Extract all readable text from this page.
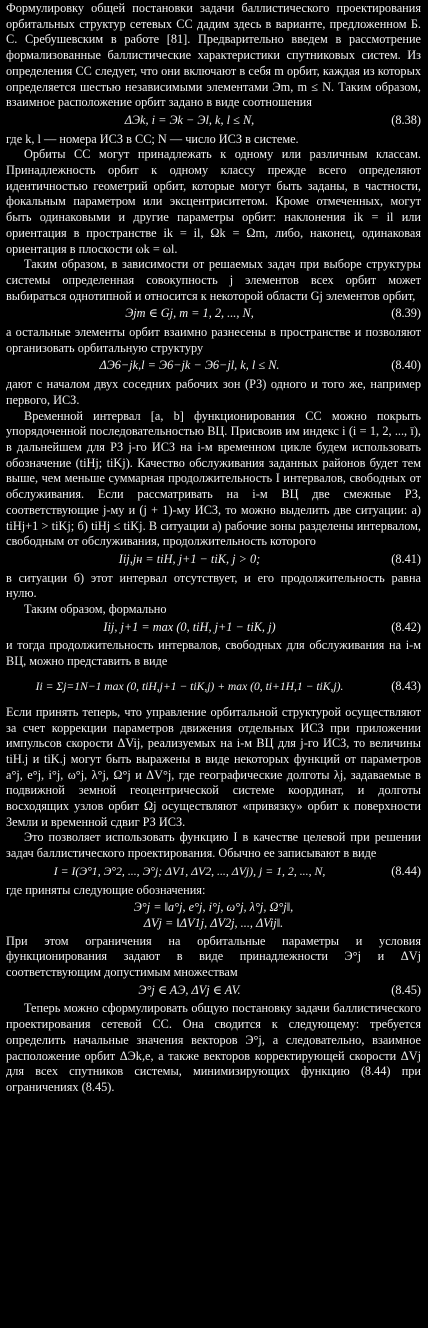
Формулировку общей постановки задачи баллистического проектирования орбитальных структур сетевых СС дадим здесь в варианте, предложенном Б. С. Сребушевским в работе [81]. Предварительно введем в рассмотрение формализованные баллистические характеристики спутниковых систем. Из определения СС следует, что они включают в себя m орбит, каждая из которых определяется шестью независимыми элементами Эm, m ≤ N. Таким образом, взаимное расположение орбит задано в виде соотношения

ΔЭk, i = Эk − Эl, k, l ≤ N,	(8.38)

где k, l — номера ИСЗ в СС; N — число ИСЗ в системе.

Орбиты СС могут принадлежать к одному или различным классам. Принадлежность орбит к одному классу прежде всего определяют идентичностью геометрий орбит, которые могут быть заданы, в частности, фокальным параметром или эксцентриситетом. Кроме отмеченных, могут быть одинаковыми и другие параметры орбит: наклонения ik = il или ориентация в пространстве ik = il, Ωk = Ωm, либо, наконец, одинаковая ориентация в плоскости ωk = ωl.

Таким образом, в зависимости от решаемых задач при выборе структуры системы определенная совокупность j элементов всех орбит может выбираться однотипной и относится к некоторой области Gj элементов орбит,

Эjm ∈ Gj, m = 1, 2, ..., N,	(8.39)

а остальные элементы орбит взаимно разнесены в пространстве и позволяют организовать орбитальную структуру

ΔЭ6−jk,l = Э6−jk − Э6−jl, k, l ≤ N.	(8.40)

дают с началом двух соседних рабочих зон (РЗ) одного и того же, например первого, ИСЗ.

Временной интервал [a, b] функционирования СС можно покрыть упорядоченной последовательностью ВЦ. Присвоив им индекс i (i = 1, 2, ..., ī), в дальнейшем для РЗ j-го ИСЗ на i-м временном цикле будем использовать обозначение (tiHj; tiKj). Качество обслуживания заданных районов будет тем выше, чем меньше суммарная продолжительность I интервалов, свободных от обслуживания. Если рассматривать на i-м ВЦ две смежные РЗ, соответствующие j-му и (j + 1)-му ИСЗ, то можно выделить две ситуации: а) tiHj+1 > tiKj; б) tiHj ≤ tiKj. В ситуации а) рабочие зоны разделены интервалом, свободным от обслуживания, продолжительность которого

Iij,jн = tiH, j+1 − tiK, j > 0;	(8.41)

в ситуации б) этот интервал отсутствует, и его продолжительность равна нулю.

Таким образом, формально

Iij, j+1 = max (0, tiH, j+1 − tiK, j)	(8.42)

и тогда продолжительность интервалов, свободных для обслуживания на i-м ВЦ, можно представить в виде

Ii = Σj=1N−1 max (0, tiH,j+1 − tiK,j) + max (0, ti+1H,1 − tiK,j).	(8.43)

Если принять теперь, что управление орбитальной структурой осуществляют за счет коррекции параметров движения отдельных ИСЗ при приложении импульсов скорости ΔVij, реализуемых на i-м ВЦ для j-го ИСЗ, то величины tiH.j и tiK.j могут быть выражены в виде некоторых функций от параметров a°j, e°j, i°j, ω°j, λ°j, Ω°j и ΔV°j, где географические долготы λj, задаваемые в подвижной земной геоцентрической системе координат, и долготы восходящих узлов орбит Ωj осуществляют «привязку» орбит к поверхности Земли и временной сдвиг РЗ ИСЗ.

Это позволяет использовать функцию I в качестве целевой при решении задач баллистического проектирования. Обычно ее записывают в виде

I = I(Э°1, Э°2, ..., Э°j; ΔV1, ΔV2, ..., ΔVj), j = 1, 2, ..., N,	(8.44)

где приняты следующие обозначения:

Э°j = ‖a°j, e°j, i°j, ω°j, λ°j, Ω°j‖,
ΔVj = ‖ΔV1j, ΔV2j, ..., ΔVij‖.

При этом ограничения на орбитальные параметры и условия функционирования задают в виде принадлежности Э°j и ΔVj соответствующим допустимым множествам

Э°j ∈ AЭ, ΔVj ∈ AV.	(8.45)

Теперь можно сформулировать общую постановку задачи баллистического проектирования сетевой СС. Она сводится к следующему: требуется определить начальные значения векторов Э°j, а следовательно, взаимное расположение орбит ΔЭk,e, а также векторов корректирующей скорости ΔVj для всех спутников системы, минимизирующих функцию (8.44) при ограничениях (8.45).
